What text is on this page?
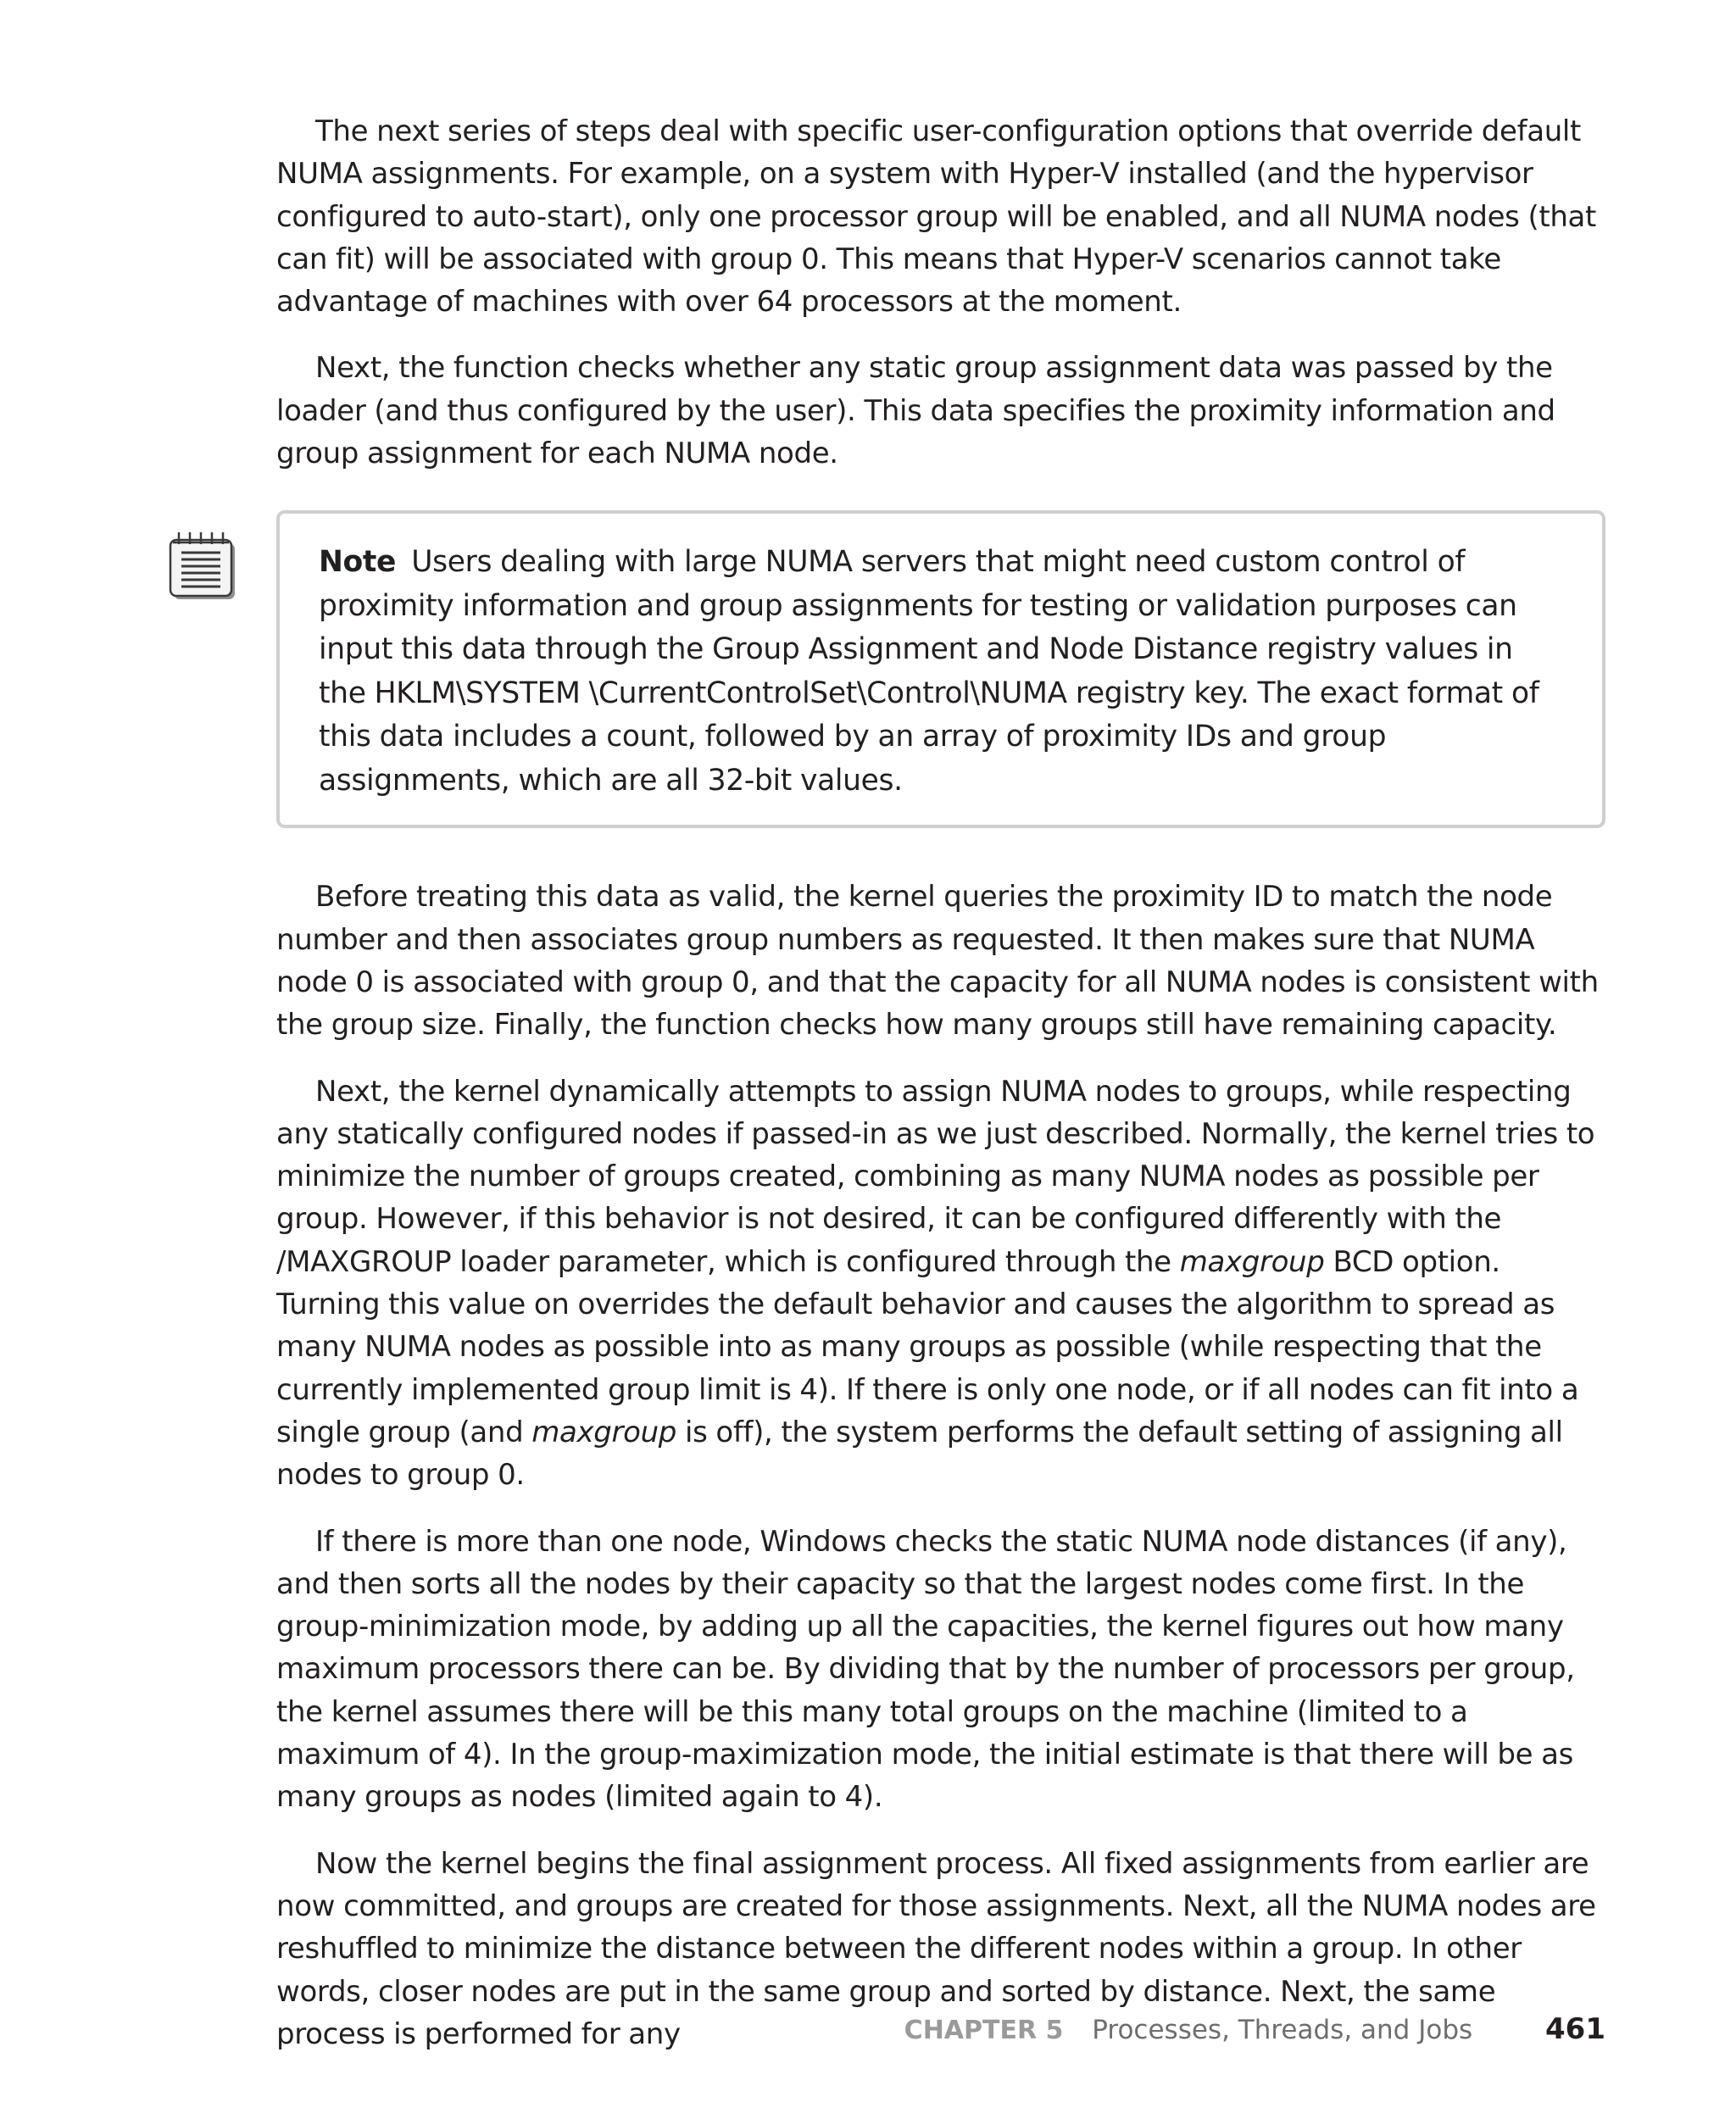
The next series of steps deal with specific user-configuration options that override default NUMA assignments. For example, on a system with Hyper-V installed (and the hypervisor configured to auto-start), only one processor group will be enabled, and all NUMA nodes (that can fit) will be associated with group 0. This means that Hyper-V scenarios cannot take advantage of machines with over 64 processors at the moment.

Next, the function checks whether any static group assignment data was passed by the loader (and thus configured by the user). This data specifies the proximity information and group assignment for each NUMA node.

Note Users dealing with large NUMA servers that might need custom control of proximity information and group assignments for testing or validation purposes can input this data through the Group Assignment and Node Distance registry values in the HKLM\SYSTEM \CurrentControlSet\Control\NUMA registry key. The exact format of this data includes a count, followed by an array of proximity IDs and group assignments, which are all 32-bit values.

Before treating this data as valid, the kernel queries the proximity ID to match the node number and then associates group numbers as requested. It then makes sure that NUMA node 0 is associated with group 0, and that the capacity for all NUMA nodes is consistent with the group size. Finally, the function checks how many groups still have remaining capacity.

Next, the kernel dynamically attempts to assign NUMA nodes to groups, while respecting any statically configured nodes if passed-in as we just described. Normally, the kernel tries to minimize the number of groups created, combining as many NUMA nodes as possible per group. However, if this behavior is not desired, it can be configured differently with the /MAXGROUP loader parameter, which is configured through the maxgroup BCD option. Turning this value on overrides the default behavior and causes the algorithm to spread as many NUMA nodes as possible into as many groups as possible (while respecting that the currently implemented group limit is 4). If there is only one node, or if all nodes can fit into a single group (and maxgroup is off), the system performs the default setting of assigning all nodes to group 0.

If there is more than one node, Windows checks the static NUMA node distances (if any), and then sorts all the nodes by their capacity so that the largest nodes come first. In the group-minimization mode, by adding up all the capacities, the kernel figures out how many maximum processors there can be. By dividing that by the number of processors per group, the kernel assumes there will be this many total groups on the machine (limited to a maximum of 4). In the group-maximization mode, the initial estimate is that there will be as many groups as nodes (limited again to 4).

Now the kernel begins the final assignment process. All fixed assignments from earlier are now committed, and groups are created for those assignments. Next, all the NUMA nodes are reshuffled to minimize the distance between the different nodes within a group. In other words, closer nodes are put in the same group and sorted by distance. Next, the same process is performed for any	CHAPTER 5 Processes, Threads, and Jobs	461
